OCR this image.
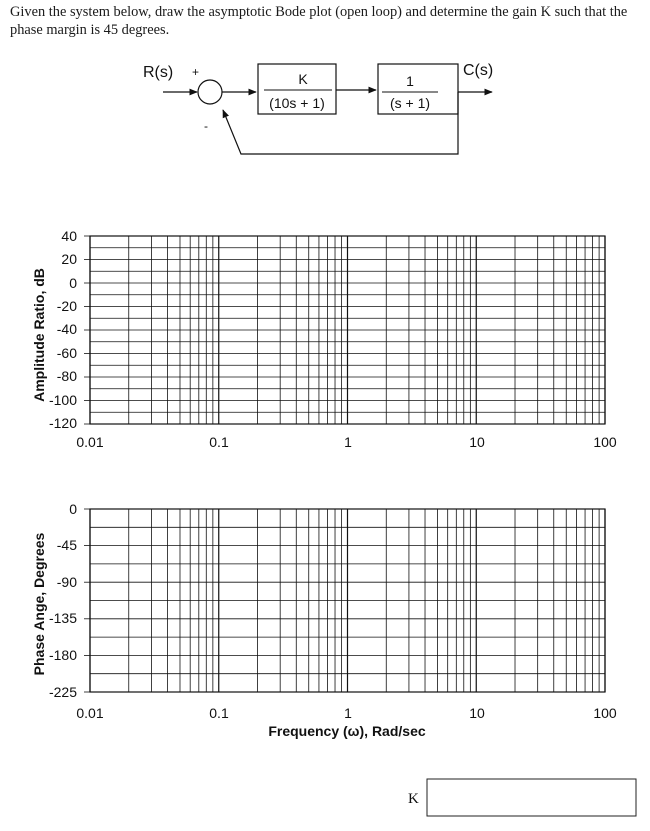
Given the system below, draw the asymptotic Bode plot (open loop) and determine the gain K such that the phase margin is 45 degrees.

R(s) +
-
K
(10s + 1)
1
(s + 1)
C(s)
40
20
0
-20
-40
-60
-80
-100
-120
0.01	0.1	1	10	100
Amplitude Ratio, dB
0
-45
-90
-135
-180
-225
0.01	0.1	1	10	100
Phase Ange, Degrees
Frequency (ω), Rad/sec
K
